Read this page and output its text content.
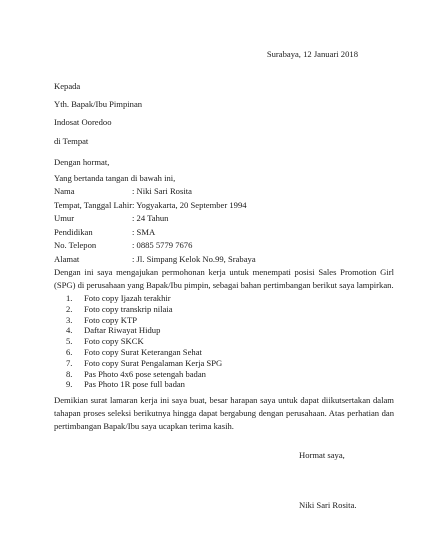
Surabaya, 12 Januari 2018
Kepada
Yth. Bapak/Ibu Pimpinan
Indosat Ooredoo
di Tempat
Dengan hormat,
Yang bertanda tangan di bawah ini,
Nama	: Niki Sari Rosita
Tempat, Tanggal Lahir : Yogyakarta, 20 September 1994
Umur	: 24 Tahun
Pendidikan	: SMA
No. Telepon	: 0885 5779 7676
Alamat	: Jl. Simpang Kelok No.99, Srabaya
Dengan ini saya mengajukan permohonan kerja untuk menempati posisi Sales Promotion Girl (SPG) di perusahaan yang Bapak/Ibu pimpin, sebagai bahan pertimbangan berikut saya lampirkan.
1. Foto copy Ijazah terakhir
2. Foto copy transkrip nilaia
3. Foto copy KTP
4. Daftar Riwayat Hidup
5. Foto copy SKCK
6. Foto copy Surat Keterangan Sehat
7. Foto copy Surat Pengalaman Kerja SPG
8. Pas Photo 4x6 pose setengah badan
9. Pas Photo 1R pose full badan
Demikian surat lamaran kerja ini saya buat, besar harapan saya untuk dapat diikutsertakan dalam tahapan proses seleksi berikutnya hingga dapat bergabung dengan perusahaan. Atas perhatian dan pertimbangan Bapak/Ibu saya ucapkan terima kasih.
Hormat saya,
Niki Sari Rosita.
